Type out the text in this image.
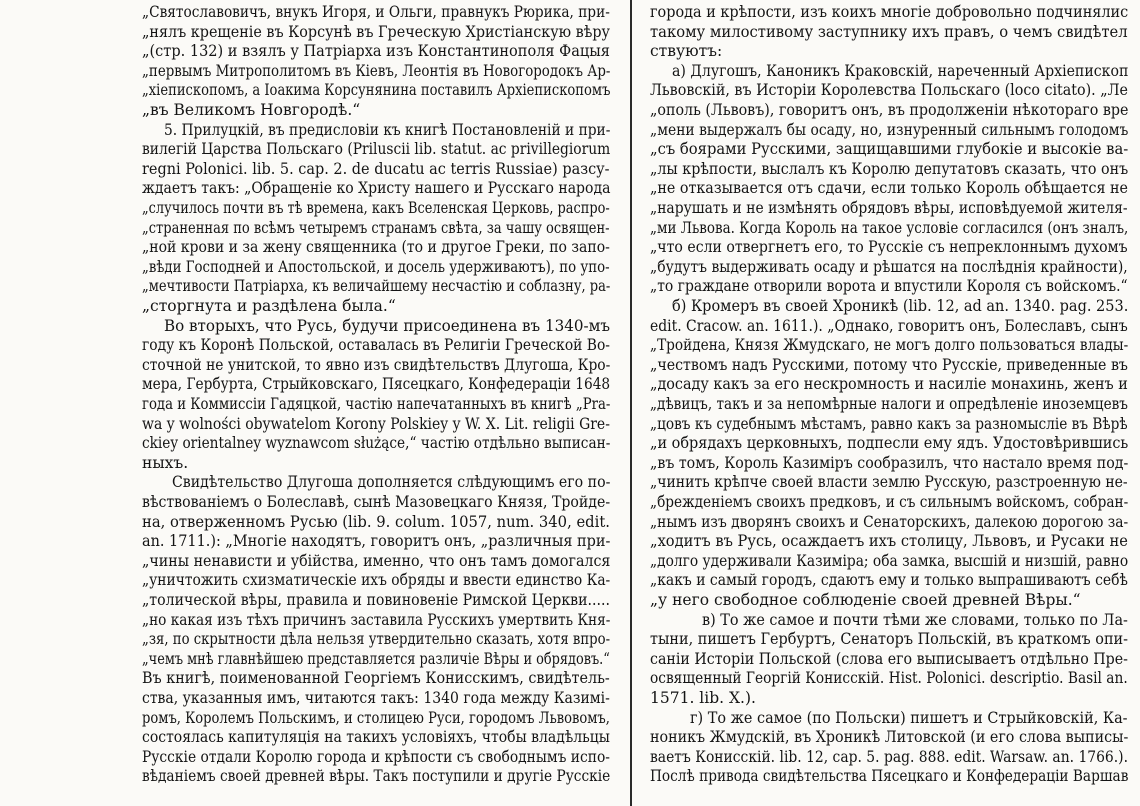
„Святославовичъ, внукъ Игоря, и Ольги, правнукъ Рюрика, при-
„нялъ крещеніе въ Корсунѣ въ Греческую Христіанскую вѣру
„(стр. 132) и взялъ у Патріарха изъ Константинополя Фацыя
„первымъ Митрополитомъ въ Кіевъ, Леонтія въ Новогородокъ Ар-
„хіепископомъ, а Іоакима Корсунянина поставилъ Архіепископомъ
„въ Великомъ Новгородѣ.“
5. Прилуцкій, въ предисловіи къ книгѣ Постановленій и при-
вилегій Царства Польскаго (Priluscii lib. statut. ac privillegiorum
regni Polonici. lib. 5. cap. 2. de ducatu ac terris Russiae) разсу-
ждаетъ такъ: „Обращеніе ко Христу нашего и Русскаго народа
„случилось почти въ тѣ времена, какъ Вселенская Церковь, распро-
„страненная по всѣмъ четыремъ странамъ свѣта, за чашу освящен-
„ной крови и за жену священника (то и другое Греки, по запо-
„вѣди Господней и Апостольской, и досель удерживаютъ), по упо-
„мечтивости Патріарха, къ величайшему несчастію и соблазну, ра-
„сторгнута и раздѣлена была.“
Во вторыхъ, что Русь, будучи присоединена въ 1340-мъ
году къ Коронѣ Польской, оставалась въ Религіи Греческой Во-
сточной не унитской, то явно изъ свидѣтельствъ Длугоша, Кро-
мера, Гербурта, Стрыйковскаго, Пясецкаго, Конфедераціи 1648
года и Коммиссіи Гадяцкой, частію напечатанныхъ въ книгѣ „Pra-
wa y wolności obywatelom Korony Polskiey y W. X. Lit. religii Gre-
ckiey orientalney wyznawcom służące,“ частію отдѣльно выписан-
ныхъ.
Свидѣтельство Длугоша дополняется слѣдующимъ его по-
вѣствованіемъ о Болеславѣ, сынѣ Мазовецкаго Князя, Тройде-
на, отверженномъ Русью (lib. 9. colum. 1057, num. 340, edit.
an. 1711.): „Многіе находятъ, говоритъ онъ, „различныя при-
„чины ненависти и убійства, именно, что онъ тамъ домогался
„уничтожить схизматическіе ихъ обряды и ввести единство Ка-
„толической вѣры, правила и повиновеніе Римской Церкви.....
„но какая изъ тѣхъ причинъ заставила Русскихъ умертвить Кня-
„зя, по скрытности дѣла нельзя утвердительно сказать, хотя впро-
„чемъ мнѣ главнѣйшею представляется различіе Вѣры и обрядовъ.“
Въ книгѣ, поименованной Георгіемъ Конисскимъ, свидѣтель-
ства, указанныя имъ, читаются такъ: 1340 года между Казимі-
ромъ, Королемъ Польскимъ, и столицею Руси, городомъ Львовомъ,
состоялась капитуляція на такихъ условіяхъ, чтобы владѣльцы
Русскіе отдали Королю города и крѣпости съ свободнымъ испо-
вѣданіемъ своей древней вѣры. Такъ поступили и другіе Русскіе
города и крѣпости, изъ коихъ многіе добровольно подчинялис
такому милостивому заступнику ихъ правъ, о чемъ свидѣтел
ствуютъ:
а) Длугошъ, Каноникъ Краковскій, нареченный Архіепископ
Львовскій, въ Исторіи Королевства Польскаго (loco citato). „Ле
„ополь (Львовъ), говоритъ онъ, въ продолженіи нѣкотораго вре
„мени выдержалъ бы осаду, но, изнуренный сильнымъ голодомъ
„съ боярами Русскими, защищавшими глубокіе и высокіе ва-
„лы крѣпости, выслалъ къ Королю депутатовъ сказать, что онъ
„не отказывается отъ сдачи, если только Король обѣщается не
„нарушать и не измѣнять обрядовъ вѣры, исповѣдуемой жителя-
„ми Львова. Когда Король на такое условіе согласился (онъ зналъ,
„что если отвергнетъ его, то Русскіе съ непреклоннымъ духомъ
„будутъ выдерживать осаду и рѣшатся на послѣднія крайности),
„то граждане отворили ворота и впустили Короля съ войскомъ.“
б) Кромеръ въ своей Хроникѣ (lib. 12, ad an. 1340. pag. 253.
edit. Cracow. an. 1611.). „Однако, говоритъ онъ, Болеславъ, сынъ
„Тройдена, Князя Жмудскаго, не могъ долго пользоваться влады-
„чествомъ надъ Русскими, потому что Русскіе, приведенные въ
„досаду какъ за его нескромность и насиліе монахинь, женъ и
„дѣвицъ, такъ и за непомѣрные налоги и опредѣленіе иноземцевъ
„цовъ къ судебнымъ мѣстамъ, равно какъ за разномысліе въ Вѣрѣ
„и обрядахъ церковныхъ, подпесли ему ядъ. Удостовѣрившись
„въ томъ, Король Казиміръ сообразилъ, что настало время под-
„чинить крѣпче своей власти землю Русскую, разстроенную не-
„брежденіемъ своихъ предковъ, и съ сильнымъ войскомъ, собран-
„нымъ изъ дворянъ своихъ и Сенаторскихъ, далекою дорогою за-
„ходитъ въ Русь, осаждаетъ ихъ столицу, Львовъ, и Русаки не
„долго удерживали Казиміра; оба замка, высшій и низшій, равно
„какъ и самый городъ, сдаютъ ему и только выпрашиваютъ себѣ
„у него свободное соблюденіе своей древней Вѣры.“
в) То же самое и почти тѣми же словами, только по Ла-
тыни, пишетъ Гербуртъ, Сенаторъ Польскій, въ краткомъ опи-
саніи Исторіи Польской (слова его выписываетъ отдѣльно Пре-
освященный Георгій Конисскій. Hist. Polonici. descriptio. Basil an.
1571. lib. X.).
г) То же самое (по Польски) пишетъ и Стрыйковскій, Ка-
ноникъ Жмудскій, въ Хроникѣ Литовской (и его слова выписы-
ваетъ Конисскій. lib. 12, cap. 5. pag. 888. edit. Warsaw. an. 1766.).
Послѣ привода свидѣтельства Пясецкаго и Конфедераціи Варшав
